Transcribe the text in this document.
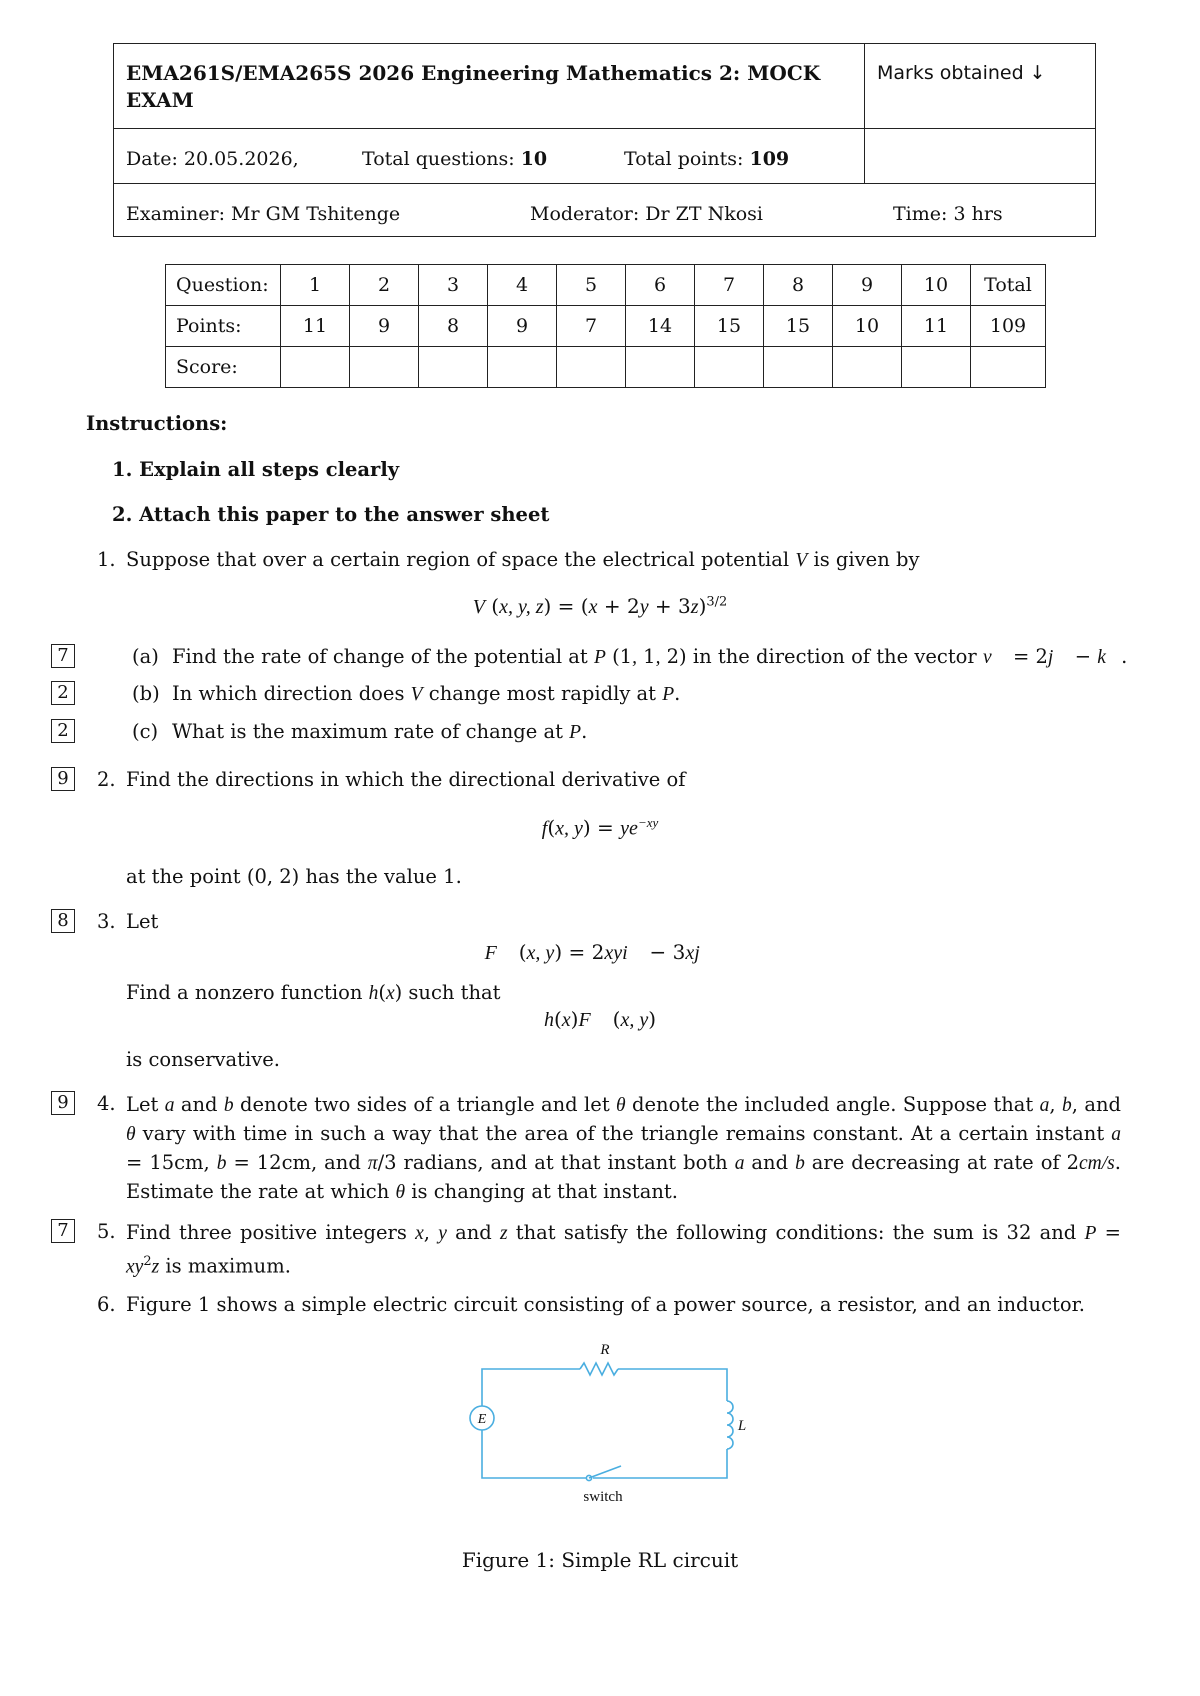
EMA261S/EMA265S 2026 Engineering Mathematics 2: MOCK EXAM
Marks obtained ↓
Date: 20.05.2026,	Total questions: 10	Total points: 109
Examiner: Mr GM Tshitenge	Moderator: Dr ZT Nkosi	Time: 3 hrs
Question:	1	2	3	4	5	6	7	8	9	10	Total
Points:	11	9	8	9	7	14	15	15	10	11	109
Score:											
Instructions:
1. Explain all steps clearly
2. Attach this paper to the answer sheet
1. Suppose that over a certain region of space the electrical potential V is given by
V (x, y, $z) = (x + 2y + 3z)^{3/2}$
7	(a) Find the rate of change of the potential at P (1, 1, 2) in the direction of the vector v⃗ = 2j⃗ − k⃗.
2	(b) In which direction does V change most rapidly at P.
2	(c) What is the maximum rate of change at P.
9	2. Find the directions in which the directional derivative of
f(x, $y) = ye^{-xy}$
at the point (0, 2) has the value 1.
8	3. Let
F⃗ (x, y) = 2xyi⃗ − 3xj⃗
Find a nonzero function h(x) such that
h(x)F⃗ (x, y)
is conservative.
9	4. Let a and b denote two sides of a triangle and let θ denote the included angle. Suppose that a, b, and θ vary with time in such a way that the area of the triangle remains constant. At a certain instant a = 15cm, b = 12cm, and π/3 radians, and at that instant both a and b are decreasing at rate of 2cm/s. Estimate the rate at which θ is changing at that instant.
7	5. Find three positive integers x, y and z that satisfy the following conditions: the sum is 32 and $P = xy^2z$ is maximum.
6. Figure 1 shows a simple electric circuit consisting of a power source, a resistor, and an inductor.
R
L
E
switch
Figure 1: Simple RL circuit
